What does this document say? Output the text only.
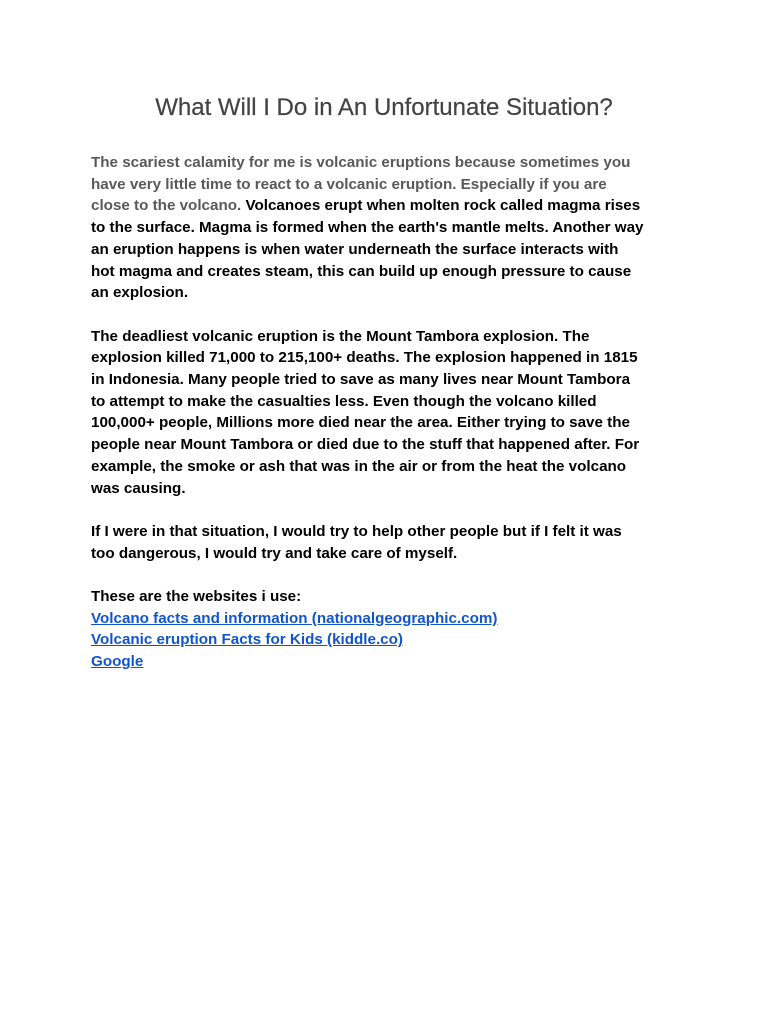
What Will I Do in An Unfortunate Situation?

The scariest calamity for me is volcanic eruptions because sometimes you
have very little time to react to a volcanic eruption. Especially if you are
close to the volcano. Volcanoes erupt when molten rock called magma rises
to the surface. Magma is formed when the earth's mantle melts. Another way
an eruption happens is when water underneath the surface interacts with
hot magma and creates steam, this can build up enough pressure to cause
an explosion.

The deadliest volcanic eruption is the Mount Tambora explosion. The
explosion killed 71,000 to 215,100+ deaths. The explosion happened in 1815
in Indonesia. Many people tried to save as many lives near Mount Tambora
to attempt to make the casualties less. Even though the volcano killed
100,000+ people, Millions more died near the area. Either trying to save the
people near Mount Tambora or died due to the stuff that happened after. For
example, the smoke or ash that was in the air or from the heat the volcano
was causing.

If I were in that situation, I would try to help other people but if I felt it was
too dangerous, I would try and take care of myself.

These are the websites i use:

Volcano facts and information (nationalgeographic.com)
Volcanic eruption Facts for Kids (kiddle.co)
Google
